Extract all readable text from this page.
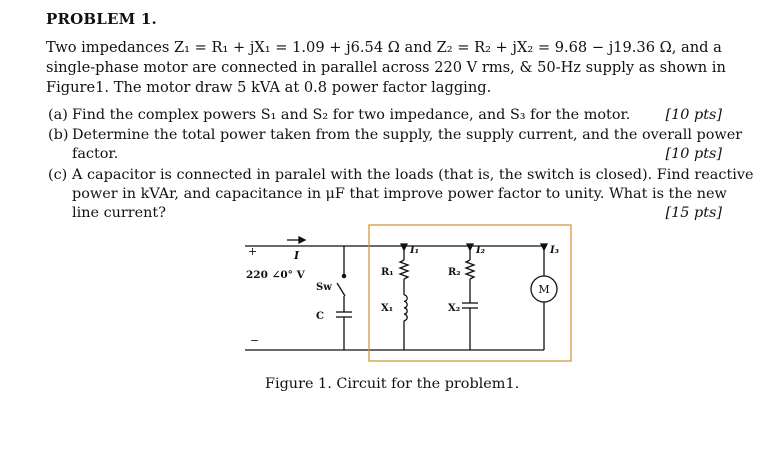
PROBLEM 1.
Two impedances Z₁ = R₁ + jX₁ = 1.09 + j6.54 Ω and Z₂ = R₂ + jX₂ = 9.68 − j19.36 Ω, and a
single-phase motor are connected in parallel across 220 V rms, & 50-Hz supply as shown in
Figure1. The motor draw 5 kVA at 0.8 power factor lagging.
(a) Find the complex powers S₁ and S₂ for two impedance, and S₃ for the motor.	[10 pts]
(b) Determine the total power taken from the supply, the supply current, and the overall power
factor.	[10 pts]
(c) A capacitor is connected in paralel with the loads (that is, the switch is closed). Find reactive
power in kVAr, and capacitance in μF that improve power factor to unity. What is the new
line current?	[15 pts]
+
220 ∠0° V
−
I
Sw
C
R₁
X₁
R₂
X₂
M
I₁	I₂	I₃
Figure 1. Circuit for the problem1.
